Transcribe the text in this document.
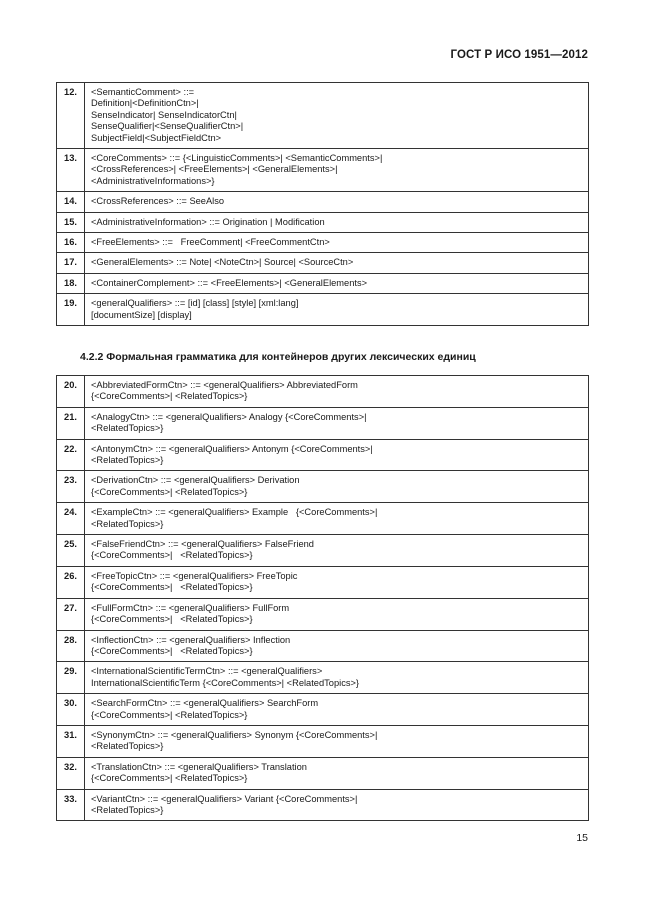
ГОСТ Р ИСО 1951—2012
12.	<SemanticComment> ::=
Definition|<DefinitionCtn>|
SenseIndicator| SenseIndicatorCtn|
SenseQualifier|<SenseQualifierCtn>|
SubjectField|<SubjectFieldCtn>

13.	<CoreComments> ::= {<LinguisticComments>| <SemanticComments>|
<CrossReferences>| <FreeElements>| <GeneralElements>|
<AdministrativeInformations>}

14.	<CrossReferences> ::= SeeAlso

15.	<AdministrativeInformation> ::= Origination | Modification

16.	<FreeElements> ::=   FreeComment| <FreeCommentCtn>

17.	<GeneralElements> ::= Note| <NoteCtn>| Source| <SourceCtn>

18.	<ContainerComplement> ::= <FreeElements>| <GeneralElements>

19.	<generalQualifiers> ::= [id] [class] [style] [xml:lang]
[documentSize] [display]
4.2.2 Формальная грамматика для контейнеров других лексических единиц
20.	<AbbreviatedFormCtn> ::= <generalQualifiers> AbbreviatedForm
{<CoreComments>| <RelatedTopics>}

21.	<AnalogyCtn> ::= <generalQualifiers> Analogy {<CoreComments>|
<RelatedTopics>}

22.	<AntonymCtn> ::= <generalQualifiers> Antonym {<CoreComments>|
<RelatedTopics>}

23.	<DerivationCtn> ::= <generalQualifiers> Derivation
{<CoreComments>| <RelatedTopics>}

24.	<ExampleCtn> ::= <generalQualifiers> Example   {<CoreComments>|
<RelatedTopics>}

25.	<FalseFriendCtn> ::= <generalQualifiers> FalseFriend
{<CoreComments>|   <RelatedTopics>}

26.	<FreeTopicCtn> ::= <generalQualifiers> FreeTopic
{<CoreComments>|   <RelatedTopics>}

27.	<FullFormCtn> ::= <generalQualifiers> FullForm
{<CoreComments>|   <RelatedTopics>}

28.	<InflectionCtn> ::= <generalQualifiers> Inflection
{<CoreComments>|   <RelatedTopics>}

29.	<InternationalScientificTermCtn> ::= <generalQualifiers>
InternationalScientificTerm {<CoreComments>| <RelatedTopics>}

30.	<SearchFormCtn> ::= <generalQualifiers> SearchForm
{<CoreComments>| <RelatedTopics>}

31.	<SynonymCtn> ::= <generalQualifiers> Synonym {<CoreComments>|
<RelatedTopics>}

32.	<TranslationCtn> ::= <generalQualifiers> Translation
{<CoreComments>| <RelatedTopics>}

33.	<VariantCtn> ::= <generalQualifiers> Variant {<CoreComments>|
<RelatedTopics>}
15
